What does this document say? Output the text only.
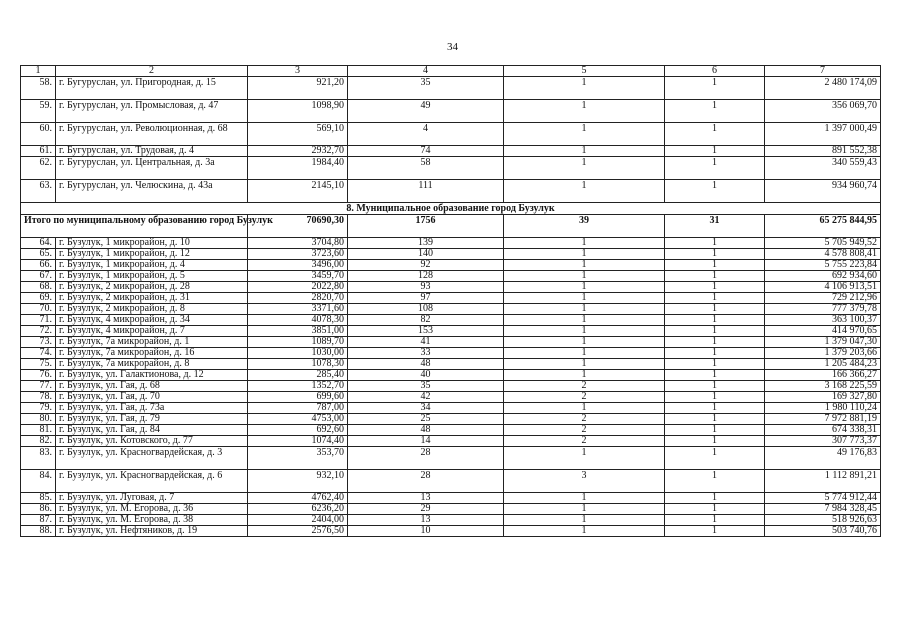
34
1	2	3	4	5	6	7
58.	г. Бугуруслан, ул. Пригородная, д. 15	921,20	35	1	1	2 480 174,09
59.	г. Бугуруслан, ул. Промысловая, д. 47	1098,90	49	1	1	356 069,70
60.	г. Бугуруслан, ул. Революционная, д. 68	569,10	4	1	1	1 397 000,49
61.	г. Бугуруслан, ул. Трудовая, д. 4	2932,70	74	1	1	891 552,38
62.	г. Бугуруслан, ул. Центральная, д. 3а	1984,40	58	1	1	340 559,43
63.	г. Бугуруслан, ул. Челюскина, д. 43а	2145,10	111	1	1	934 960,74
8. Муниципальное образование город Бузулук						
Итого по муниципальному образованию город Бузулук		70690,30	1756	39	31	65 275 844,95
64.	г. Бузулук, 1 микрорайон, д. 10	3704,80	139	1	1	5 705 949,52
65.	г. Бузулук, 1 микрорайон, д. 12	3723,60	140	1	1	4 578 808,41
66.	г. Бузулук, 1 микрорайон, д. 4	3496,00	92	1	1	5 755 223,84
67.	г. Бузулук, 1 микрорайон, д. 5	3459,70	128	1	1	692 934,60
68.	г. Бузулук, 2 микрорайон, д. 28	2022,80	93	1	1	4 106 913,51
69.	г. Бузулук, 2 микрорайон, д. 31	2820,70	97	1	1	729 212,96
70.	г. Бузулук, 2 микрорайон, д. 8	3371,60	108	1	1	777 379,78
71.	г. Бузулук, 4 микрорайон, д. 34	4078,30	82	1	1	363 100,37
72.	г. Бузулук, 4 микрорайон, д. 7	3851,00	153	1	1	414 970,65
73.	г. Бузулук, 7а микрорайон, д. 1	1089,70	41	1	1	1 379 047,30
74.	г. Бузулук, 7а микрорайон, д. 16	1030,00	33	1	1	1 379 203,66
75.	г. Бузулук, 7а микрорайон, д. 8	1078,30	48	1	1	1 205 484,23
76.	г. Бузулук, ул. Галактионова, д. 12	285,40	40	1	1	166 366,27
77.	г. Бузулук, ул. Гая, д. 68	1352,70	35	2	1	3 168 225,59
78.	г. Бузулук, ул. Гая, д. 70	699,60	42	2	1	169 327,80
79.	г. Бузулук, ул. Гая, д. 73а	787,00	34	1	1	1 980 110,24
80.	г. Бузулук, ул. Гая, д. 79	4753,00	25	2	1	7 972 881,19
81.	г. Бузулук, ул. Гая, д. 84	692,60	48	2	1	674 338,31
82.	г. Бузулук, ул. Котовского, д. 77	1074,40	14	2	1	307 773,37
83.	г. Бузулук, ул. Красногвардейская, д. 3	353,70	28	1	1	49 176,83
84.	г. Бузулук, ул. Красногвардейская, д. 6	932,10	28	3	1	1 112 891,21
85.	г. Бузулук, ул. Луговая, д. 7	4762,40	13	1	1	5 774 912,44
86.	г. Бузулук, ул. М. Егорова, д. 36	6236,20	29	1	1	7 984 328,45
87.	г. Бузулук, ул. М. Егорова, д. 38	2404,00	13	1	1	518 926,63
88.	г. Бузулук, ул. Нефтяников, д. 19	2576,50	10	1	1	503 740,76
